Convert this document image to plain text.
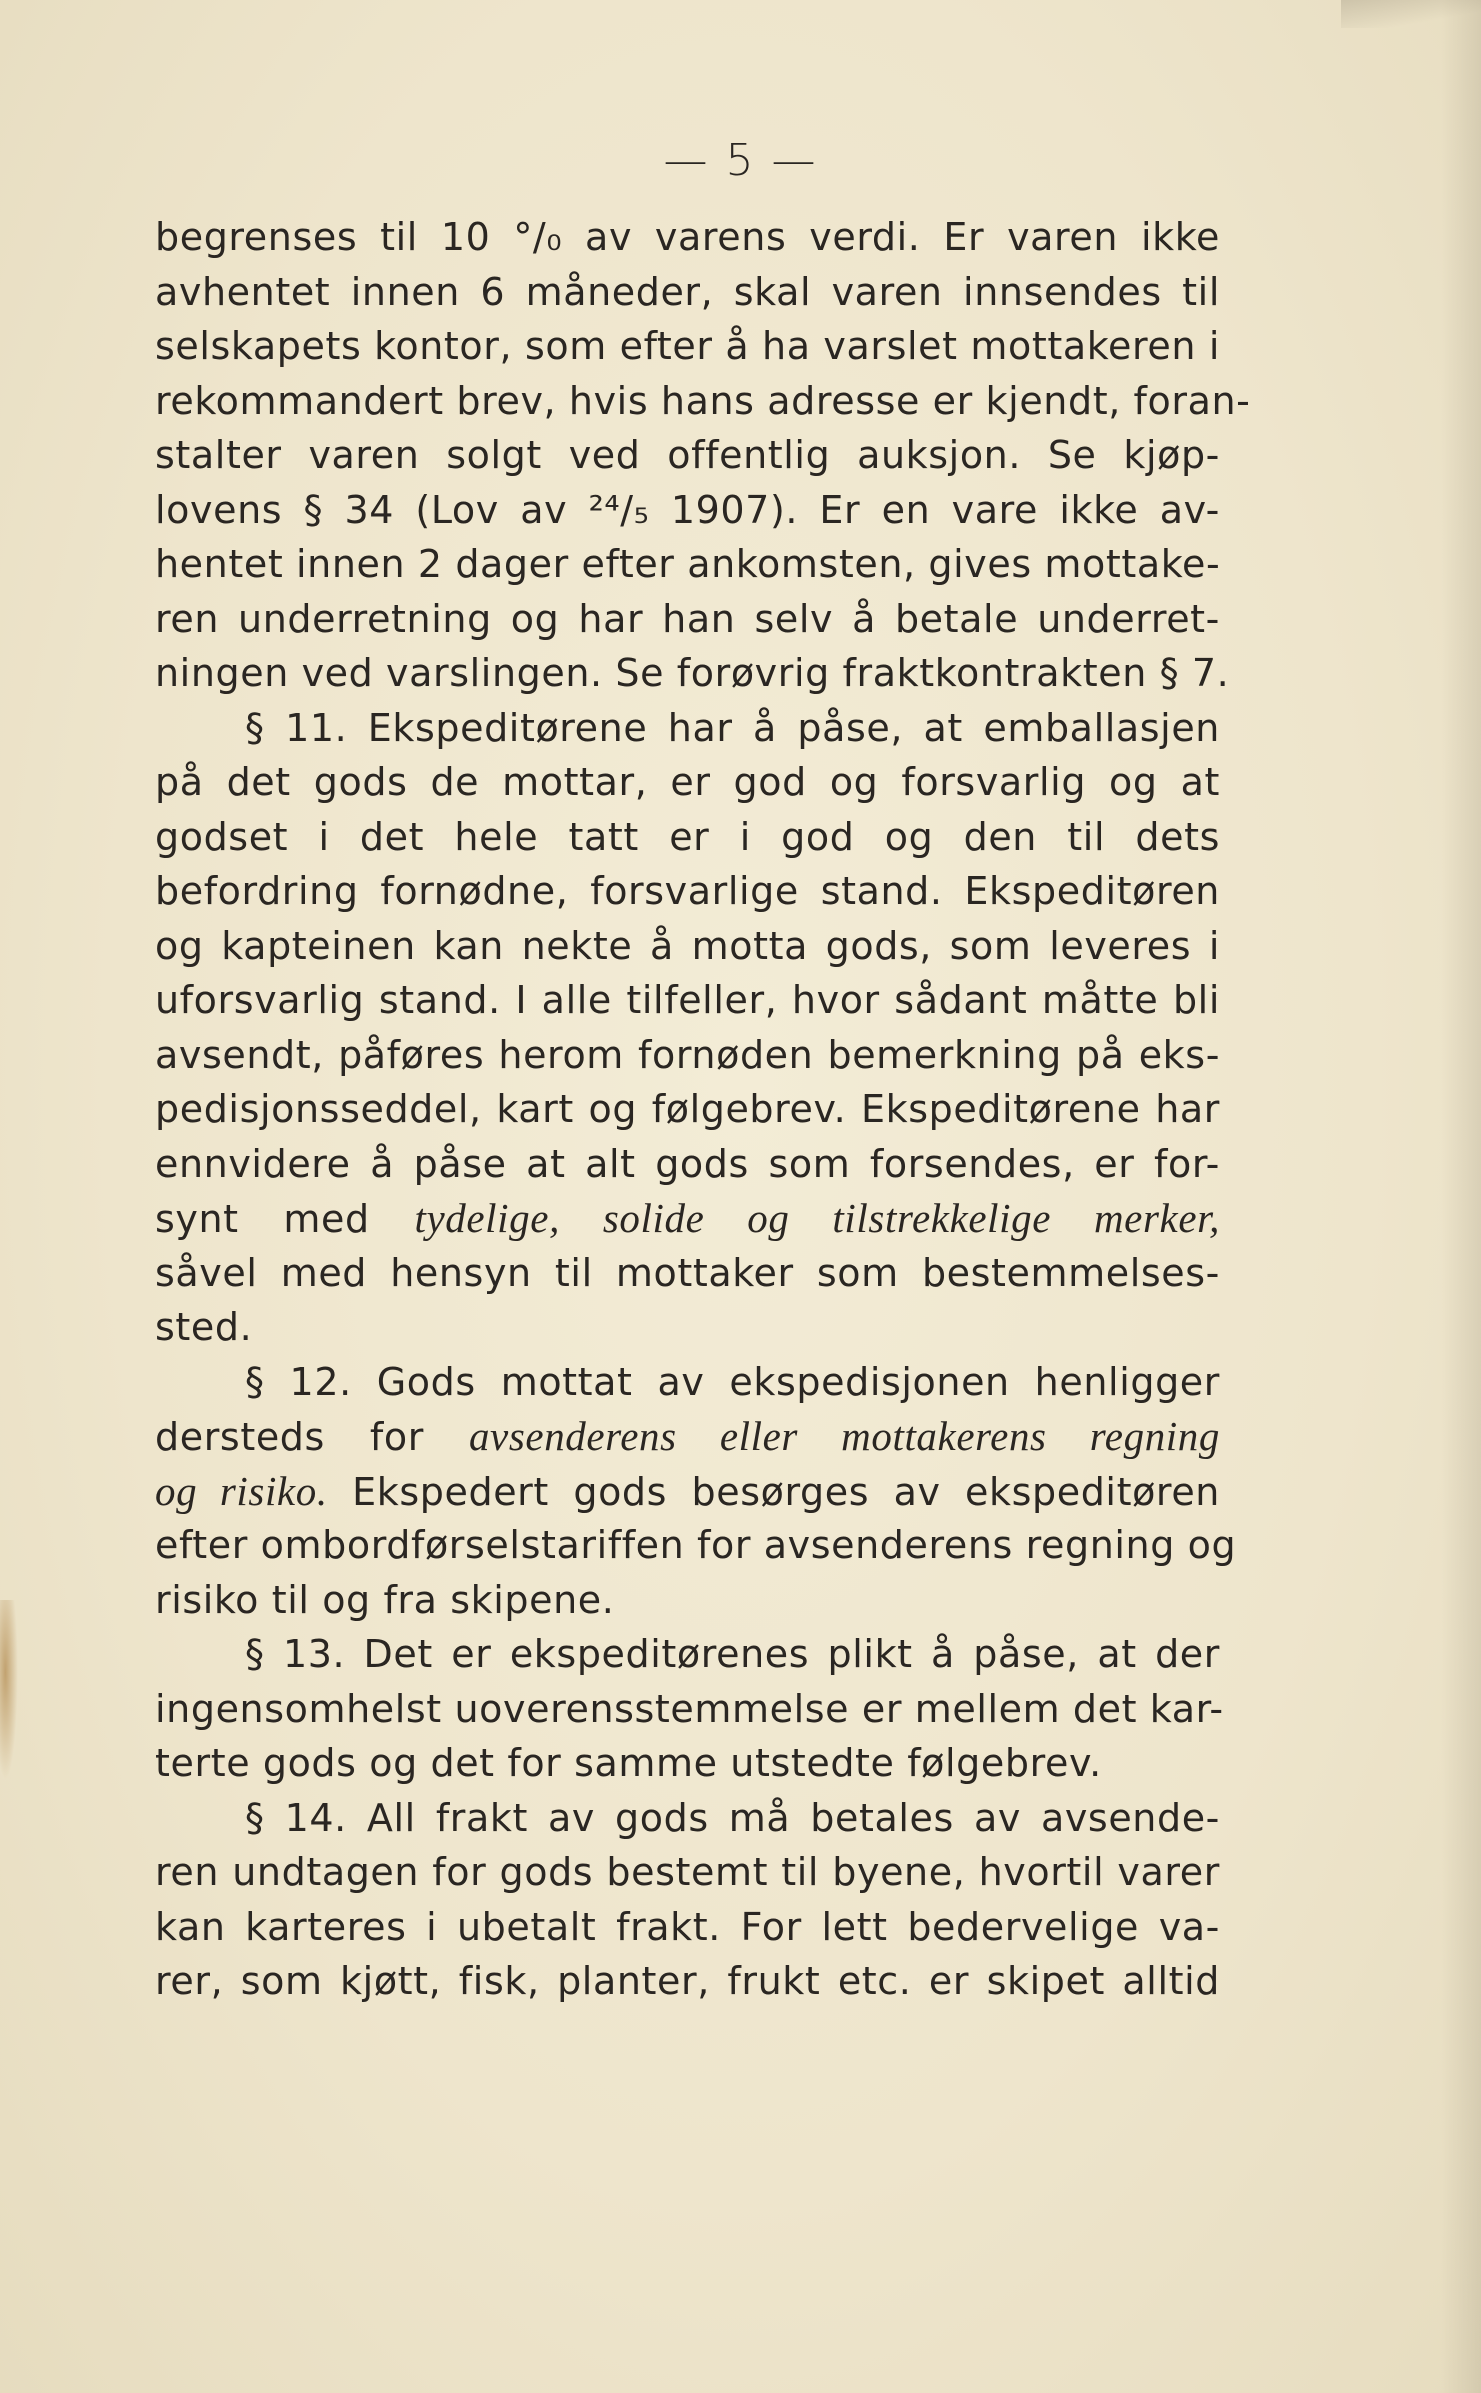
— 5 —
begrenses til 10 °/₀ av varens verdi. Er varen ikke
avhentet innen 6 måneder, skal varen innsendes til
selskapets kontor, som efter å ha varslet mottakeren i
rekommandert brev, hvis hans adresse er kjendt, foran-
stalter varen solgt ved offentlig auksjon. Se kjøp-
lovens § 34 (Lov av ²⁴/₅ 1907). Er en vare ikke av-
hentet innen 2 dager efter ankomsten, gives mottake-
ren underretning og har han selv å betale underret-
ningen ved varslingen. Se forøvrig fraktkontrakten § 7.
§ 11. Ekspeditørene har å påse, at emballasjen
på det gods de mottar, er god og forsvarlig og at
godset i det hele tatt er i god og den til dets
befordring fornødne, forsvarlige stand. Ekspeditøren
og kapteinen kan nekte å motta gods, som leveres i
uforsvarlig stand. I alle tilfeller, hvor sådant måtte bli
avsendt, påføres herom fornøden bemerkning på eks-
pedisjonsseddel, kart og følgebrev. Ekspeditørene har
ennvidere å påse at alt gods som forsendes, er for-
synt med tydelige, solide og tilstrekkelige merker,
såvel med hensyn til mottaker som bestemmelses-
sted.
§ 12. Gods mottat av ekspedisjonen henligger
dersteds for avsenderens eller mottakerens regning
og risiko. Ekspedert gods besørges av ekspeditøren
efter ombordførselstariffen for avsenderens regning og
risiko til og fra skipene.
§ 13. Det er ekspeditørenes plikt å påse, at der
ingensomhelst uoverensstemmelse er mellem det kar-
terte gods og det for samme utstedte følgebrev.
§ 14. All frakt av gods må betales av avsende-
ren undtagen for gods bestemt til byene, hvortil varer
kan karteres i ubetalt frakt. For lett bedervelige va-
rer, som kjøtt, fisk, planter, frukt etc. er skipet alltid
